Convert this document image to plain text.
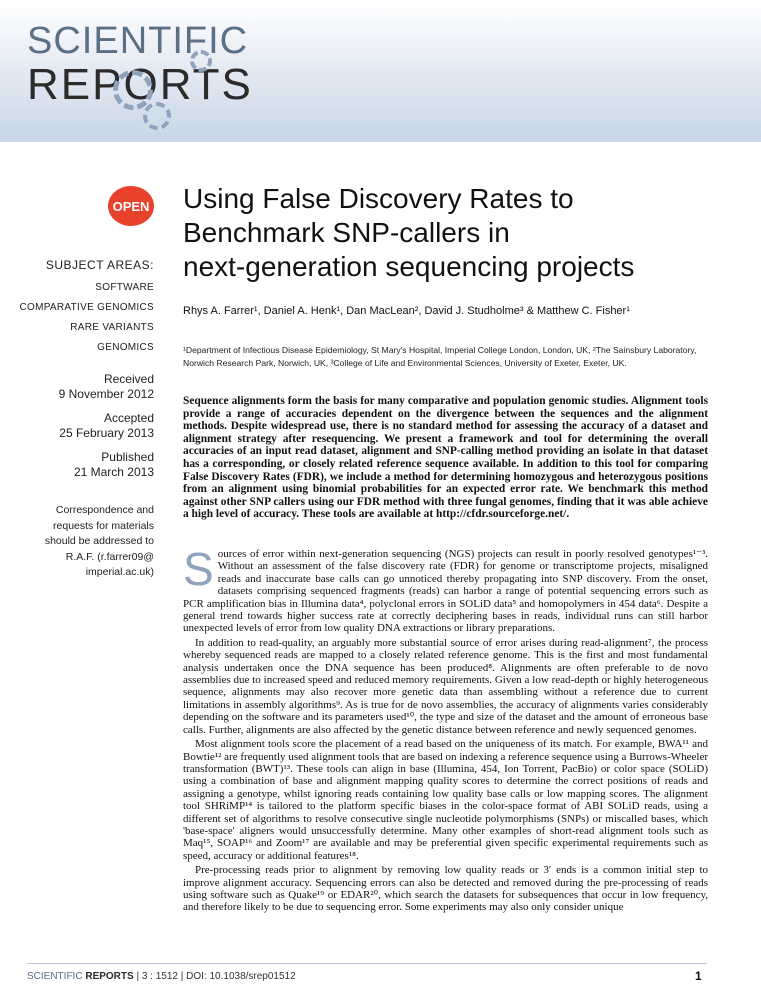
SCIENTIFIC
REPORTS
OPEN
SUBJECT AREAS:
SOFTWARE
COMPARATIVE GENOMICS
RARE VARIANTS
GENOMICS
Received
9 November 2012
Accepted
25 February 2013
Published
21 March 2013
Correspondence and
requests for materials
should be addressed to
R.A.F. (r.farrer09@
imperial.ac.uk)
Using False Discovery Rates to
Benchmark SNP-callers in
next-generation sequencing projects
Rhys A. Farrer¹, Daniel A. Henk¹, Dan MacLean², David J. Studholme³ & Matthew C. Fisher¹
¹Department of Infectious Disease Epidemiology, St Mary's Hospital, Imperial College London, London, UK, ²The Sainsbury Laboratory, Norwich Research Park, Norwich, UK, ³College of Life and Environmental Sciences, University of Exeter, Exeter, UK.
Sequence alignments form the basis for many comparative and population genomic studies. Alignment tools provide a range of accuracies dependent on the divergence between the sequences and the alignment methods. Despite widespread use, there is no standard method for assessing the accuracy of a dataset and alignment strategy after resequencing. We present a framework and tool for determining the overall accuracies of an input read dataset, alignment and SNP-calling method providing an isolate in that dataset has a corresponding, or closely related reference sequence available. In addition to this tool for comparing False Discovery Rates (FDR), we include a method for determining homozygous and heterozygous positions from an alignment using binomial probabilities for an expected error rate. We benchmark this method against other SNP callers using our FDR method with three fungal genomes, finding that it was able achieve a high level of accuracy. These tools are available at http://cfdr.sourceforge.net/.

Sources of error within next-generation sequencing (NGS) projects can result in poorly resolved genotypes¹⁻³. Without an assessment of the false discovery rate (FDR) for genome or transcriptome projects, misaligned reads and inaccurate base calls can go unnoticed thereby propagating into SNP discovery. From the onset, datasets comprising sequenced fragments (reads) can harbor a range of potential sequencing errors such as PCR amplification bias in Illumina data⁴, polyclonal errors in SOLiD data⁵ and homopolymers in 454 data⁶. Despite a general trend towards higher success rate at correctly deciphering bases in reads, individual runs can still harbor unexpected levels of error from low quality DNA extractions or library preparations.

In addition to read-quality, an arguably more substantial source of error arises during read-alignment⁷, the process whereby sequenced reads are mapped to a closely related reference genome. This is the first and most fundamental analysis undertaken once the DNA sequence has been produced⁸. Alignments are often preferable to de novo assemblies due to increased speed and reduced memory requirements. Given a low read-depth or highly heterogeneous sequence, alignments may also recover more genetic data than assembling without a reference due to current limitations in assembly algorithms⁹. As is true for de novo assemblies, the accuracy of alignments varies considerably depending on the software and its parameters used¹⁰, the type and size of the dataset and the amount of erroneous base calls. Further, alignments are also affected by the genetic distance between reference and newly sequenced genomes.

Most alignment tools score the placement of a read based on the uniqueness of its match. For example, BWA¹¹ and Bowtie¹² are frequently used alignment tools that are based on indexing a reference sequence using a Burrows-Wheeler transformation (BWT)¹³. These tools can align in base (Illumina, 454, Ion Torrent, PacBio) or color space (SOLiD) using a combination of base and alignment mapping quality scores to determine the correct positions of reads and assigning a genotype, whilst ignoring reads containing low quality base calls or low mapping scores. The alignment tool SHRiMP¹⁴ is tailored to the platform specific biases in the color-space format of ABI SOLiD reads, using a different set of algorithms to resolve consecutive single nucleotide polymorphisms (SNPs) or miscalled bases, which 'base-space' aligners would unsuccessfully determine. Many other examples of short-read alignment tools such as Maq¹⁵, SOAP¹⁶ and Zoom¹⁷ are available and may be preferential given specific experimental requirements such as speed, accuracy or additional features¹⁸.

Pre-processing reads prior to alignment by removing low quality reads or 3′ ends is a common initial step to improve alignment accuracy. Sequencing errors can also be detected and removed during the pre-processing of reads using software such as Quake¹⁹ or EDAR²⁰, which search the datasets for subsequences that occur in low frequency, and therefore likely to be due to sequencing error. Some experiments may also only consider unique

SCIENTIFIC REPORTS | 3 : 1512 | DOI: 10.1038/srep01512	1
